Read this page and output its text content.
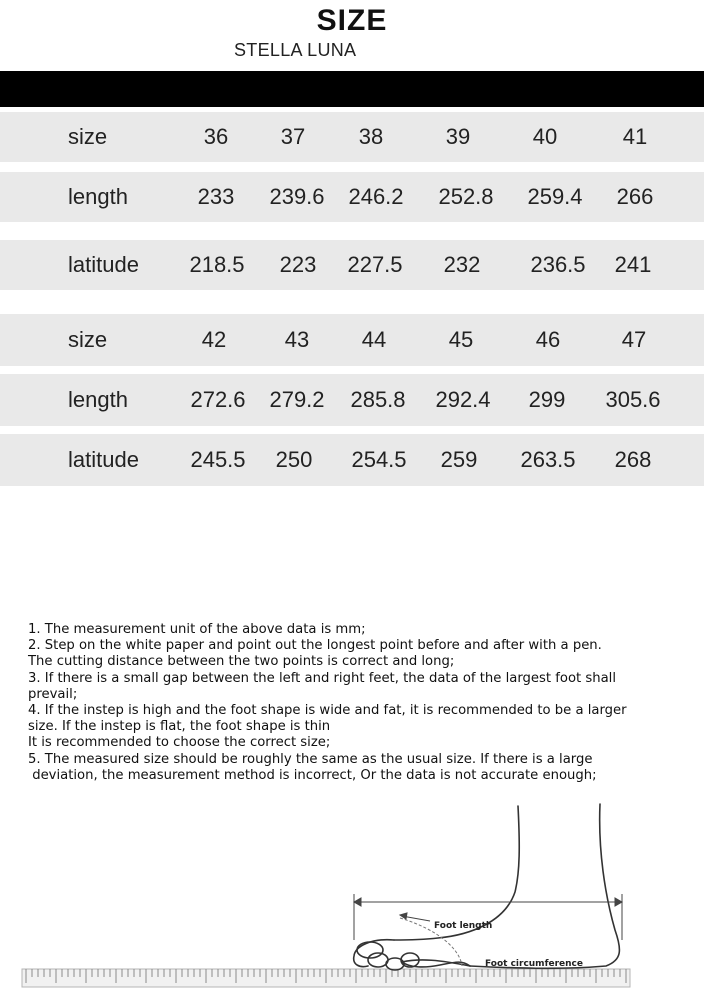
SIZE
STELLA LUNA
size	36	37	38	39	40	41
length	233	239.6	246.2	252.8	259.4	266
latitude	218.5	223	227.5	232	236.5	241
size	42	43	44	45	46	47
length	272.6	279.2	285.8	292.4	299	305.6
latitude	245.5	250	254.5	259	263.5	268
1. The measurement unit of the above data is mm;
2. Step on the white paper and point out the longest point before and after with a pen.
The cutting distance between the two points is correct and long;
3. If there is a small gap between the left and right feet, the data of the largest foot shall
prevail;
4. If the instep is high and the foot shape is wide and fat, it is recommended to be a larger
size. If the instep is flat, the foot shape is thin
It is recommended to choose the correct size;
5. The measured size should be roughly the same as the usual size. If there is a large
deviation, the measurement method is incorrect, Or the data is not accurate enough;
Foot length
Foot circumference
